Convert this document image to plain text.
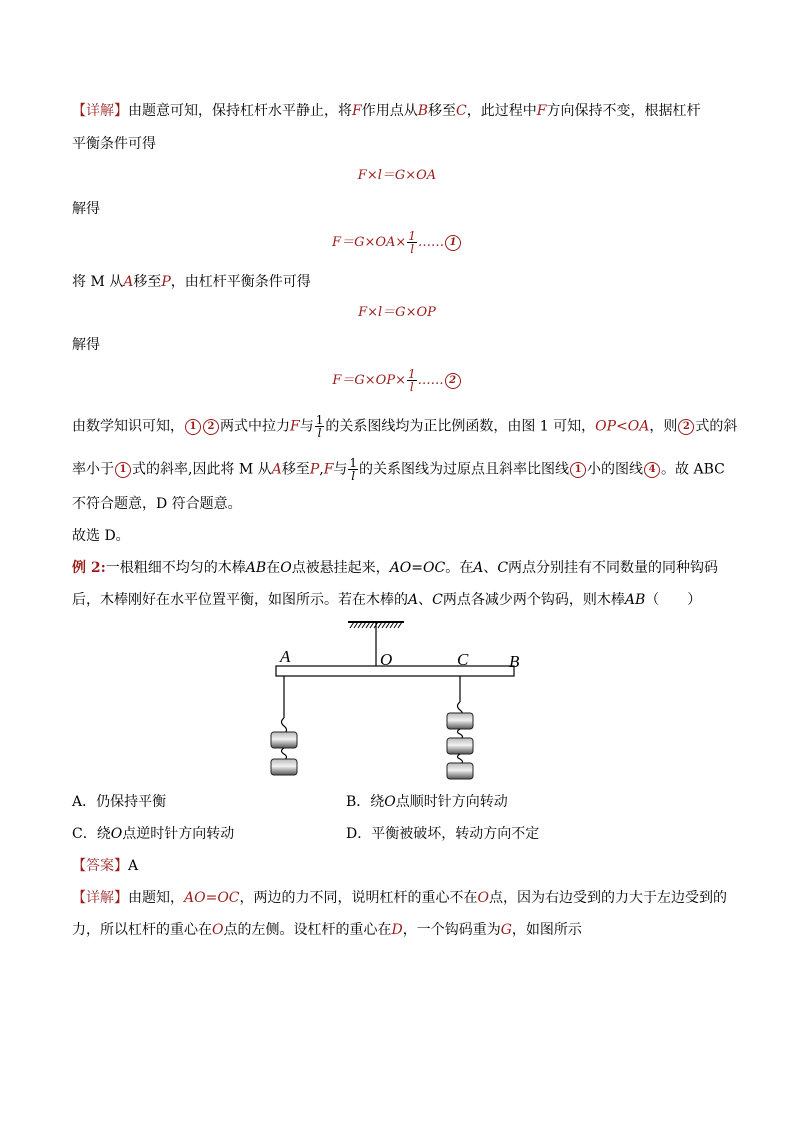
【详解】由题意可知，保持杠杆水平静止，将F作用点从B移至C，此过程中F方向保持不变，根据杠杆
平衡条件可得
F×l＝G×OA
解得
$F=G\times OA\times \frac{1}{l}$ …… 1
将 M 从A移至P，由杠杆平衡条件可得
F×l＝G×OP
解得
$F=G\times OP\times \frac{1}{l}$ …… 2
由数学知识可知， 1 2 两式中拉力F与 $\frac{1}{l}$ 的关系图线均为正比例函数，由图 1 可知，OP<OA，则 2 式的斜
率小于 1 式的斜率,因此将 M 从A移至P,F与 $\frac{1}{l}$ 的关系图线为过原点且斜率比图线 1 小的图线 4 。故 ABC
不符合题意，D 符合题意。
故选 D。
例 2:一根粗细不均匀的木棒AB在O点被悬挂起来，AO=OC。在A、C两点分别挂有不同数量的同种钩码
后，木棒刚好在水平位置平衡，如图所示。若在木棒的A、C两点各减少两个钩码，则木棒AB（　　）
A	O	C B
A．仍保持平衡	B．绕O点顺时针方向转动
C．绕O点逆时针方向转动	D．平衡被破坏，转动方向不定
【答案】A
【详解】由题知，AO=OC，两边的力不同，说明杠杆的重心不在O点，因为右边受到的力大于左边受到的
力，所以杠杆的重心在O点的左侧。设杠杆的重心在D，一个钩码重为G，如图所示
